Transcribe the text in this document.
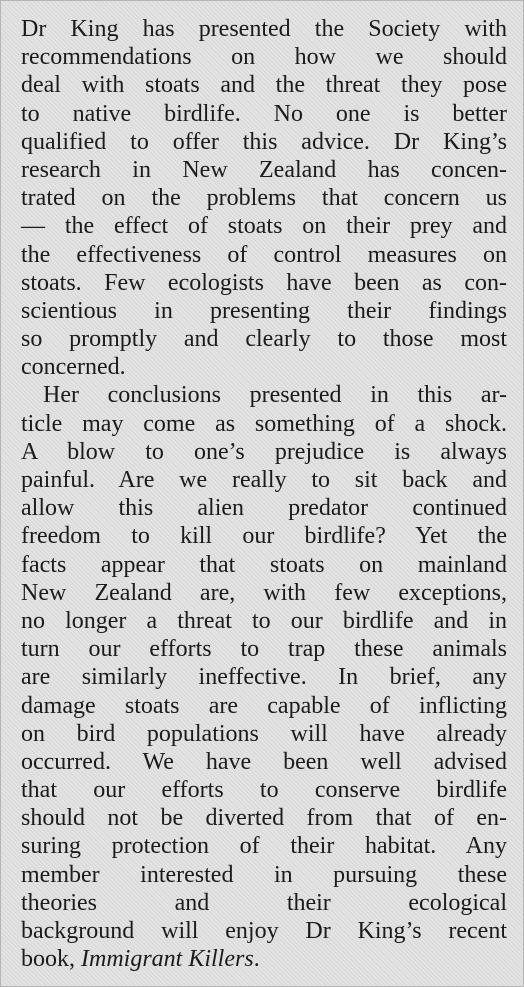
Dr King has presented the Society with
recommendations on how we should
deal with stoats and the threat they pose
to native birdlife. No one is better
qualified to offer this advice. Dr King’s
research in New Zealand has concen-
trated on the problems that concern us
— the effect of stoats on their prey and
the effectiveness of control measures on
stoats. Few ecologists have been as con-
scientious in presenting their findings
so promptly and clearly to those most
concerned.
Her conclusions presented in this ar-
ticle may come as something of a shock.
A blow to one’s prejudice is always
painful. Are we really to sit back and
allow this alien predator continued
freedom to kill our birdlife? Yet the
facts appear that stoats on mainland
New Zealand are, with few exceptions,
no longer a threat to our birdlife and in
turn our efforts to trap these animals
are similarly ineffective. In brief, any
damage stoats are capable of inflicting
on bird populations will have already
occurred. We have been well advised
that our efforts to conserve birdlife
should not be diverted from that of en-
suring protection of their habitat. Any
member interested in pursuing these
theories and their ecological
background will enjoy Dr King’s recent
book, Immigrant Killers.
